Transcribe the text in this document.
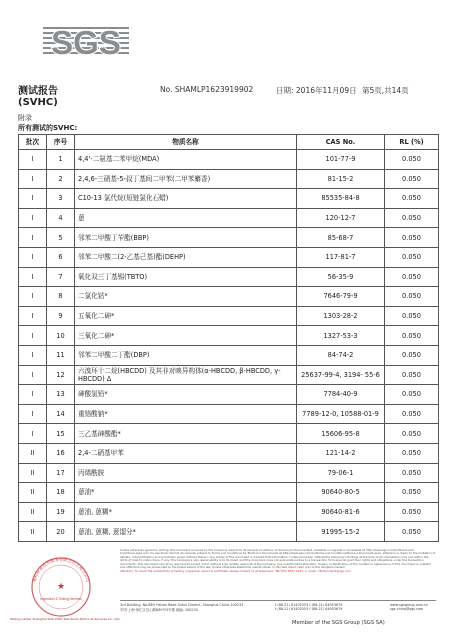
SGS
测试报告	No. SHAMLP1623919902	日期: 2016年11月09日 第5页,共14页
(SVHC)
附录
所有测试的SVHC:
批次	序号	物质名称	CAS No.	RL (%)
I	1	4,4'-二氨基二苯甲烷(MDA)	101-77-9	0.050
I	2	2,4,6-三硝基-5-叔丁基间二甲苯(二甲苯麝香)	81-15-2	0.050
I	3	C10-13 氯代烷(短链氯化石蜡)	85535-84-8	0.050
I	4	蒽	120-12-7	0.050
I	5	邻苯二甲酸丁苄酯(BBP)	85-68-7	0.050
I	6	邻苯二甲酸二(2-乙基己基)酯(DEHP)	117-81-7	0.050
I	7	氧化双三丁基锡(TBTO)	56-35-9	0.050
I	8	二氯化钴*	7646-79-9	0.050
I	9	五氧化二砷*	1303-28-2	0.050
I	10	三氧化二砷*	1327-53-3	0.050
I	11	邻苯二甲酸二丁酯(DBP)	84-74-2	0.050
I	12	六溴环十二烷(HBCDD) 及其非对映异构体(α-HBCDD, β-HBCDD, γ-HBCDD) Δ	25637-99-4, 3194- 55-6	0.050
I	13	砷酸氢铅*	7784-40-9	0.050
I	14	重铬酸钠*	7789-12-0, 10588-01-9	0.050
I	15	三乙基砷酸酯*	15606-95-8	0.050
II	16	2,4-二硝基甲苯	121-14-2	0.050
II	17	丙烯酰胺	79-06-1	0.050
II	18	蒽油*	90640-80-5	0.050
II	19	蒽油, 蒽糊*	90640-81-6	0.050
II	20	蒽油, 蒽糊, 蒽馏分*	91995-15-2	0.050
Unless otherwise agreed in writing, this document is issued by the Company subject to its General Conditions of Service printed overleaf, available on request or accessible at http://www.sgs.com/en/Terms-and-Conditions.aspx and, for electronic format documents, subject to Terms and Conditions for Electronic Documents at http://www.sgs.com/en/Terms-and-Conditions/Terms-e-Document.aspx. Attention is drawn to the limitation of liability, indemnification and jurisdiction issues defined therein. Any holder of this document is advised that information contained hereon reflects the Company's findings at the time of its intervention only and within the limits of Client's instructions, if any. The Company's sole responsibility is to its Client and this document does not exonerate parties to a transaction from exercising all their rights and obligations under the transaction documents. This document cannot be reproduced except in full, without prior written approval of the Company. Any unauthorized alteration, forgery or falsification of the content or appearance of this document is unlawful and offenders may be prosecuted to the fullest extent of the law. Unless otherwise stated the results shown in this test report refer only to the sample(s) tested.
Attention: To check the authenticity of testing /inspection report & certificate, please contact us at telephone: (86-755) 8307 1443, or email: CN.Doccheck@sgs.com
通标标准技术服务有限公司上海分公司
★
Inspection & Testing Services
Testing Center Shanghai SGS-CSTC Standards Technical Services Co., Ltd.
3rd Building, No.889 Yishan Road Xuhui District, Shanghai China 200233
中国·上海·徐汇区宜山路889号3号楼 邮编: 200233
t (86-21) 61402553 f (86-21) 64953679
t (86-21) 61402553 f (86-21) 64953679
www.sgsgroup.com.cn
sgs.china@sgs.com
Member of the SGS Group (SGS SA)
